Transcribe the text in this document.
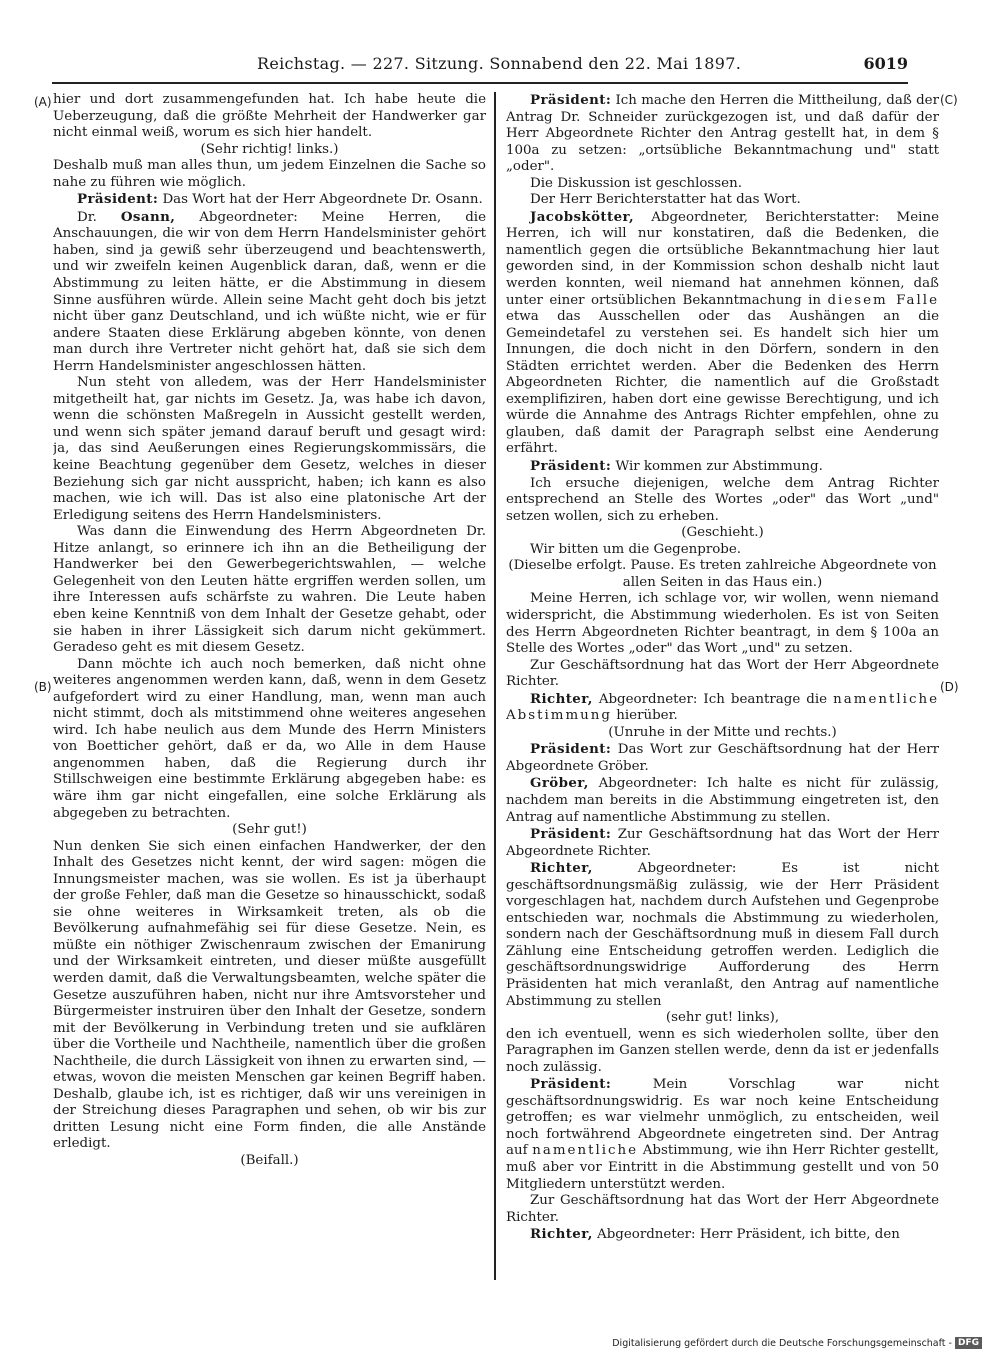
Reichstag. — 227. Sitzung. Sonnabend den 22. Mai 1897.	6019
(A)
(B)
(C)
(D)

hier und dort zusammengefunden hat. Ich habe heute die Ueberzeugung, daß die größte Mehrheit der Handwerker gar nicht einmal weiß, worum es sich hier handelt.

(Sehr richtig! links.)

Deshalb muß man alles thun, um jedem Einzelnen die Sache so nahe zu führen wie möglich.

Präsident: Das Wort hat der Herr Abgeordnete Dr. Osann.

Dr. Osann, Abgeordneter: Meine Herren, die Anschauungen, die wir von dem Herrn Handelsminister gehört haben, sind ja gewiß sehr überzeugend und beachtenswerth, und wir zweifeln keinen Augenblick daran, daß, wenn er die Abstimmung zu leiten hätte, er die Abstimmung in diesem Sinne ausführen würde. Allein seine Macht geht doch bis jetzt nicht über ganz Deutschland, und ich wüßte nicht, wie er für andere Staaten diese Erklärung abgeben könnte, von denen man durch ihre Vertreter nicht gehört hat, daß sie sich dem Herrn Handelsminister angeschlossen hätten.

Nun steht von alledem, was der Herr Handelsminister mitgetheilt hat, gar nichts im Gesetz. Ja, was habe ich davon, wenn die schönsten Maßregeln in Aussicht gestellt werden, und wenn sich später jemand darauf beruft und gesagt wird: ja, das sind Aeußerungen eines Regierungskommissärs, die keine Beachtung gegenüber dem Gesetz, welches in dieser Beziehung sich gar nicht ausspricht, haben; ich kann es also machen, wie ich will. Das ist also eine platonische Art der Erledigung seitens des Herrn Handelsministers.

Was dann die Einwendung des Herrn Abgeordneten Dr. Hitze anlangt, so erinnere ich ihn an die Betheiligung der Handwerker bei den Gewerbegerichtswahlen, — welche Gelegenheit von den Leuten hätte ergriffen werden sollen, um ihre Interessen aufs schärfste zu wahren. Die Leute haben eben keine Kenntniß von dem Inhalt der Gesetze gehabt, oder sie haben in ihrer Lässigkeit sich darum nicht gekümmert. Geradeso geht es mit diesem Gesetz.

Dann möchte ich auch noch bemerken, daß nicht ohne weiteres angenommen werden kann, daß, wenn in dem Gesetz aufgefordert wird zu einer Handlung, man, wenn man auch nicht stimmt, doch als mitstimmend ohne weiteres angesehen wird. Ich habe neulich aus dem Munde des Herrn Ministers von Boetticher gehört, daß er da, wo Alle in dem Hause angenommen haben, daß die Regierung durch ihr Stillschweigen eine bestimmte Erklärung abgegeben habe: es wäre ihm gar nicht eingefallen, eine solche Erklärung als abgegeben zu betrachten.

(Sehr gut!)

Nun denken Sie sich einen einfachen Handwerker, der den Inhalt des Gesetzes nicht kennt, der wird sagen: mögen die Innungsmeister machen, was sie wollen. Es ist ja überhaupt der große Fehler, daß man die Gesetze so hinausschickt, sodaß sie ohne weiteres in Wirksamkeit treten, als ob die Bevölkerung aufnahmefähig sei für diese Gesetze. Nein, es müßte ein nöthiger Zwischenraum zwischen der Emanirung und der Wirksamkeit eintreten, und dieser müßte ausgefüllt werden damit, daß die Verwaltungsbeamten, welche später die Gesetze auszuführen haben, nicht nur ihre Amtsvorsteher und Bürgermeister instruiren über den Inhalt der Gesetze, sondern mit der Bevölkerung in Verbindung treten und sie aufklären über die Vortheile und Nachtheile, namentlich über die großen Nachtheile, die durch Lässigkeit von ihnen zu erwarten sind, — etwas, wovon die meisten Menschen gar keinen Begriff haben. Deshalb, glaube ich, ist es richtiger, daß wir uns vereinigen in der Streichung dieses Paragraphen und sehen, ob wir bis zur dritten Lesung nicht eine Form finden, die alle Anstände erledigt.

(Beifall.)

Präsident: Ich mache den Herren die Mittheilung, daß der Antrag Dr. Schneider zurückgezogen ist, und daß dafür der Herr Abgeordnete Richter den Antrag gestellt hat, in dem § 100a zu setzen: „ortsübliche Bekanntmachung und" statt „oder".

Die Diskussion ist geschlossen.

Der Herr Berichterstatter hat das Wort.

Jacobskötter, Abgeordneter, Berichterstatter: Meine Herren, ich will nur konstatiren, daß die Bedenken, die namentlich gegen die ortsübliche Bekanntmachung hier laut geworden sind, in der Kommission schon deshalb nicht laut werden konnten, weil niemand hat annehmen können, daß unter einer ortsüblichen Bekanntmachung in diesem Falle etwa das Ausschellen oder das Aushängen an die Gemeindetafel zu verstehen sei. Es handelt sich hier um Innungen, die doch nicht in den Dörfern, sondern in den Städten errichtet werden. Aber die Bedenken des Herrn Abgeordneten Richter, die namentlich auf die Großstadt exemplifiziren, haben dort eine gewisse Berechtigung, und ich würde die Annahme des Antrags Richter empfehlen, ohne zu glauben, daß damit der Paragraph selbst eine Aenderung erfährt.

Präsident: Wir kommen zur Abstimmung.

Ich ersuche diejenigen, welche dem Antrag Richter entsprechend an Stelle des Wortes „oder" das Wort „und" setzen wollen, sich zu erheben.

(Geschieht.)

Wir bitten um die Gegenprobe.

(Dieselbe erfolgt. Pause. Es treten zahlreiche Abgeordnete von allen Seiten in das Haus ein.)

Meine Herren, ich schlage vor, wir wollen, wenn niemand widerspricht, die Abstimmung wiederholen. Es ist von Seiten des Herrn Abgeordneten Richter beantragt, in dem § 100a an Stelle des Wortes „oder" das Wort „und" zu setzen.

Zur Geschäftsordnung hat das Wort der Herr Abgeordnete Richter.

Richter, Abgeordneter: Ich beantrage die namentliche Abstimmung hierüber.

(Unruhe in der Mitte und rechts.)

Präsident: Das Wort zur Geschäftsordnung hat der Herr Abgeordnete Gröber.

Gröber, Abgeordneter: Ich halte es nicht für zulässig, nachdem man bereits in die Abstimmung eingetreten ist, den Antrag auf namentliche Abstimmung zu stellen.

Präsident: Zur Geschäftsordnung hat das Wort der Herr Abgeordnete Richter.

Richter, Abgeordneter: Es ist nicht geschäftsordnungsmäßig zulässig, wie der Herr Präsident vorgeschlagen hat, nachdem durch Aufstehen und Gegenprobe entschieden war, nochmals die Abstimmung zu wiederholen, sondern nach der Geschäftsordnung muß in diesem Fall durch Zählung eine Entscheidung getroffen werden. Lediglich die geschäftsordnungswidrige Aufforderung des Herrn Präsidenten hat mich veranlaßt, den Antrag auf namentliche Abstimmung zu stellen

(sehr gut! links),

den ich eventuell, wenn es sich wiederholen sollte, über den Paragraphen im Ganzen stellen werde, denn da ist er jedenfalls noch zulässig.

Präsident: Mein Vorschlag war nicht geschäftsordnungswidrig. Es war noch keine Entscheidung getroffen; es war vielmehr unmöglich, zu entscheiden, weil noch fortwährend Abgeordnete eingetreten sind. Der Antrag auf namentliche Abstimmung, wie ihn Herr Richter gestellt, muß aber vor Eintritt in die Abstimmung gestellt und von 50 Mitgliedern unterstützt werden.

Zur Geschäftsordnung hat das Wort der Herr Abgeordnete Richter.

Richter, Abgeordneter: Herr Präsident, ich bitte, den

Digitalisierung gefördert durch die Deutsche Forschungsgemeinschaft - DFG
